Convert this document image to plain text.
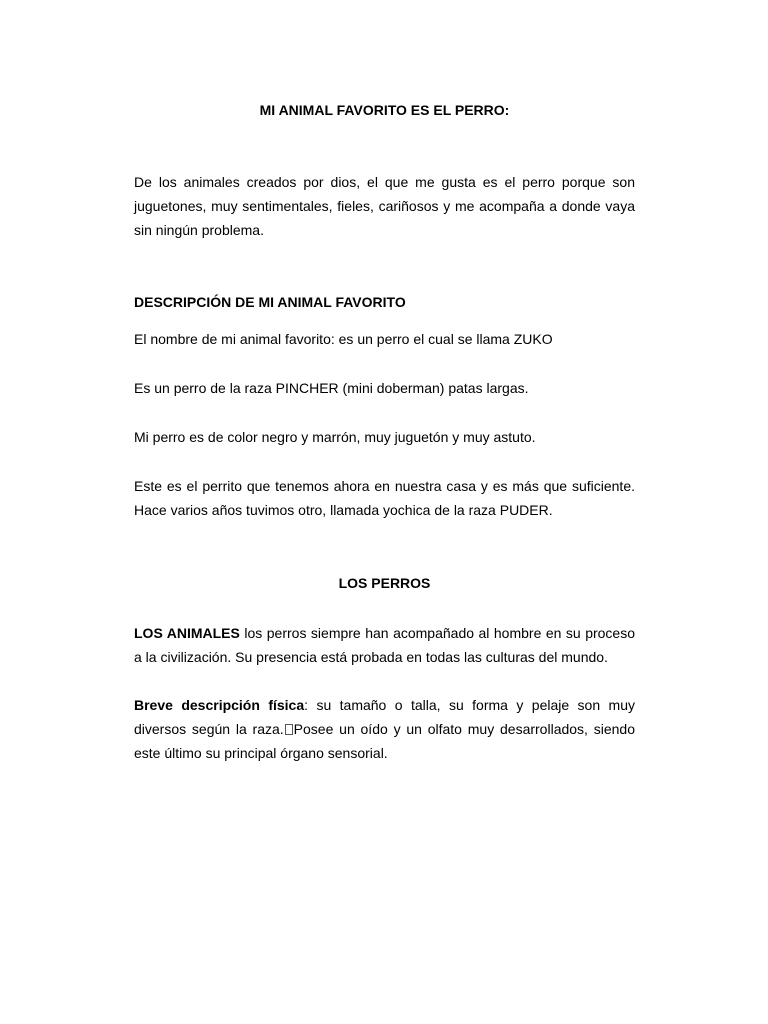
MI ANIMAL FAVORITO ES EL PERRO:
De los animales creados por dios, el que me gusta es el perro porque son
juguetones, muy sentimentales, fieles, cariñosos y me acompaña a donde vaya
sin ningún problema.
DESCRIPCIÓN DE MI ANIMAL FAVORITO
El nombre de mi animal favorito: es un perro el cual se llama ZUKO
Es un perro de la raza PINCHER (mini doberman) patas largas.
Mi perro es de color negro y marrón, muy juguetón y muy astuto.
Este es el perrito que tenemos ahora en nuestra casa y es más que suficiente.
Hace varios años tuvimos otro, llamada yochica de la raza PUDER.
LOS PERROS
LOS ANIMALES los perros siempre han acompañado al hombre en su proceso
a la civilización. Su presencia está probada en todas las culturas del mundo.
Breve descripción física: su tamaño o talla, su forma y pelaje son muy
diversos según la raza. Posee un oído y un olfato muy desarrollados, siendo
este último su principal órgano sensorial.
